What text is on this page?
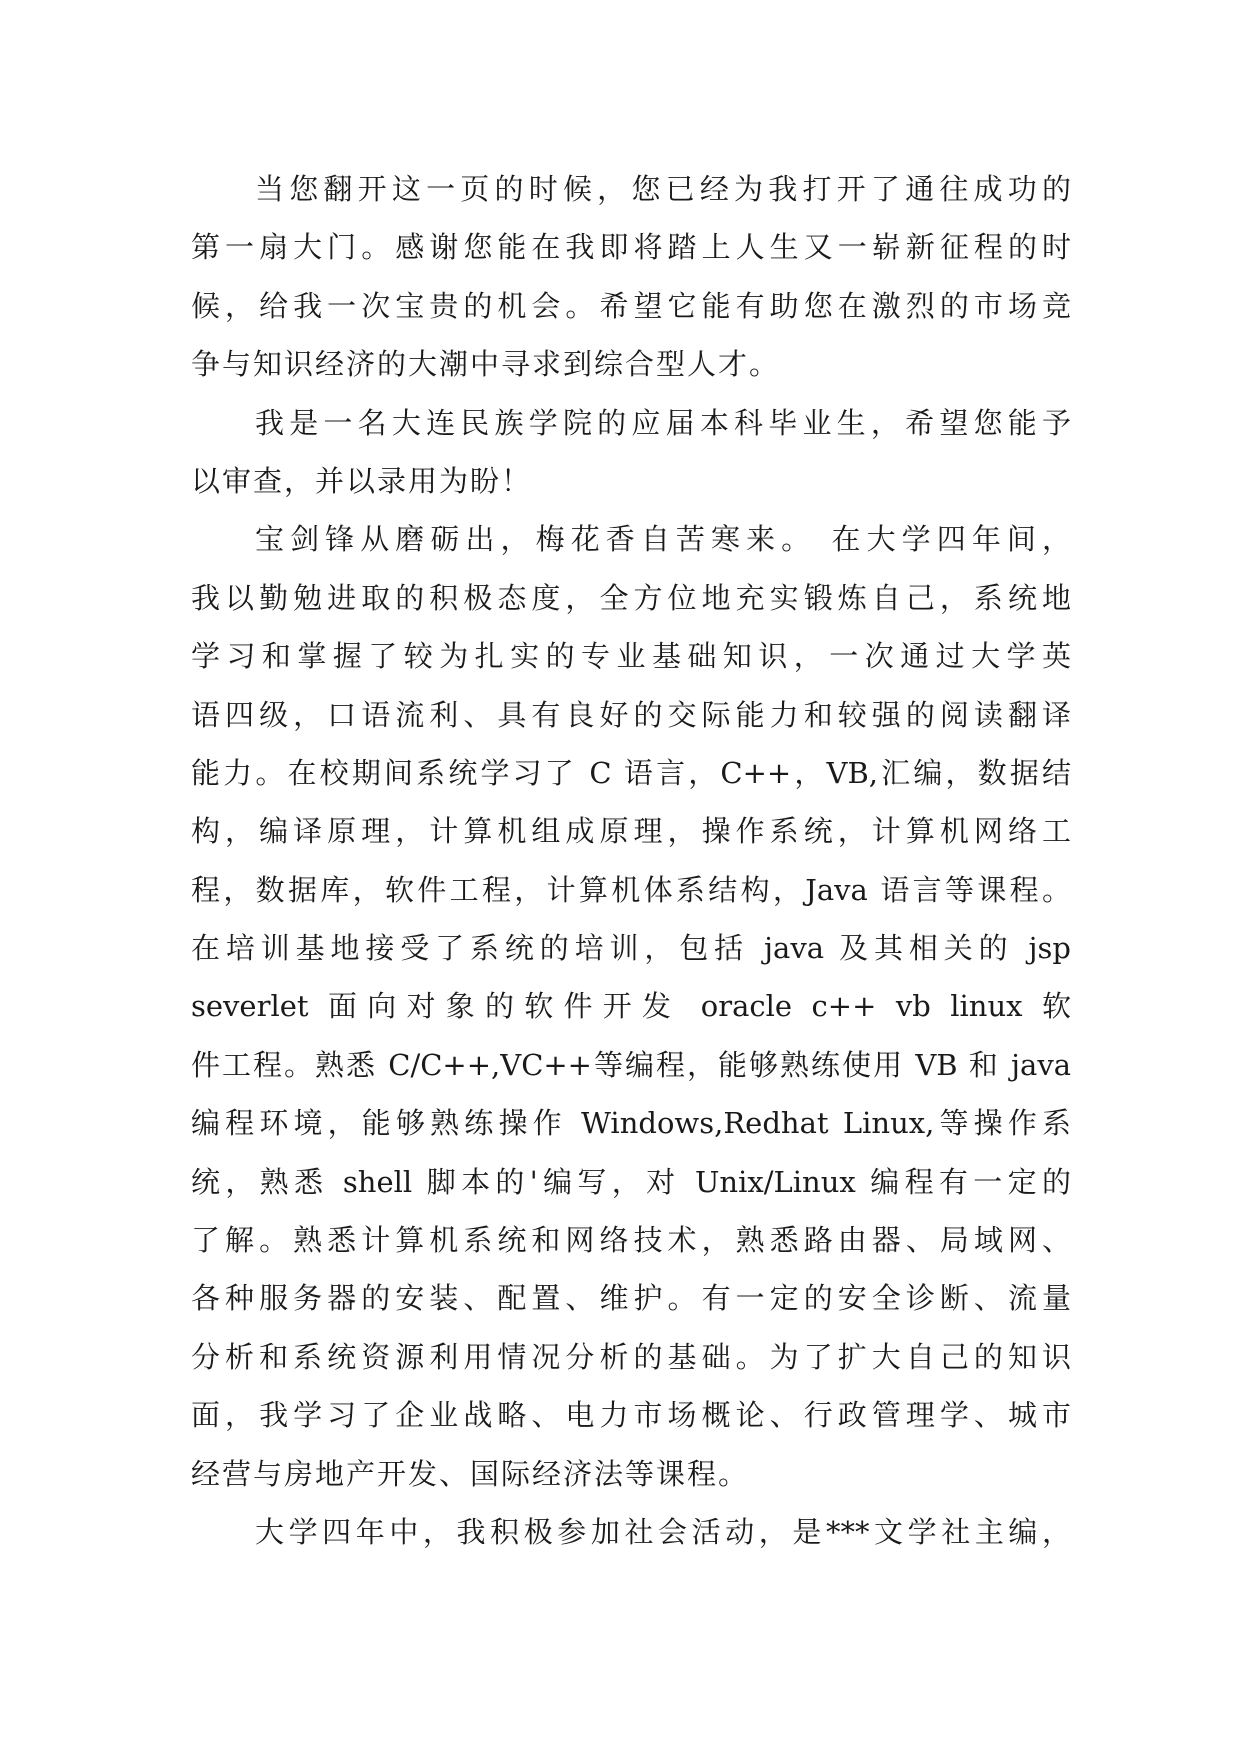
当您翻开这一页的时候，您已经为我打开了通往成功的
第一扇大门。感谢您能在我即将踏上人生又一崭新征程的时
候，给我一次宝贵的机会。希望它能有助您在激烈的市场竞
争与知识经济的大潮中寻求到综合型人才。
我是一名大连民族学院的应届本科毕业生，希望您能予
以审查，并以录用为盼！
宝剑锋从磨砺出，梅花香自苦寒来。 在大学四年间，
我以勤勉进取的积极态度，全方位地充实锻炼自己，系统地
学习和掌握了较为扎实的专业基础知识，一次通过大学英
语四级，口语流利、具有良好的交际能力和较强的阅读翻译
能力。在校期间系统学习了 C 语言，C++，VB,汇编，数据结
构，编译原理，计算机组成原理，操作系统，计算机网络工
程，数据库，软件工程，计算机体系结构，Java 语言等课程。
在培训基地接受了系统的培训，包括 java 及其相关的 jsp
severlet 面向对象的软件开发 oracle c++ vb linux 软
件工程。熟悉 C/C++,VC++等编程，能够熟练使用 VB 和 java
编程环境，能够熟练操作 Windows,Redhat Linux,等操作系
统，熟悉 shell 脚本的'编写，对 Unix/Linux 编程有一定的
了解。熟悉计算机系统和网络技术，熟悉路由器、局域网、
各种服务器的安装、配置、维护。有一定的安全诊断、流量
分析和系统资源利用情况分析的基础。为了扩大自己的知识
面，我学习了企业战略、电力市场概论、行政管理学、城市
经营与房地产开发、国际经济法等课程。
大学四年中，我积极参加社会活动，是***文学社主编，
